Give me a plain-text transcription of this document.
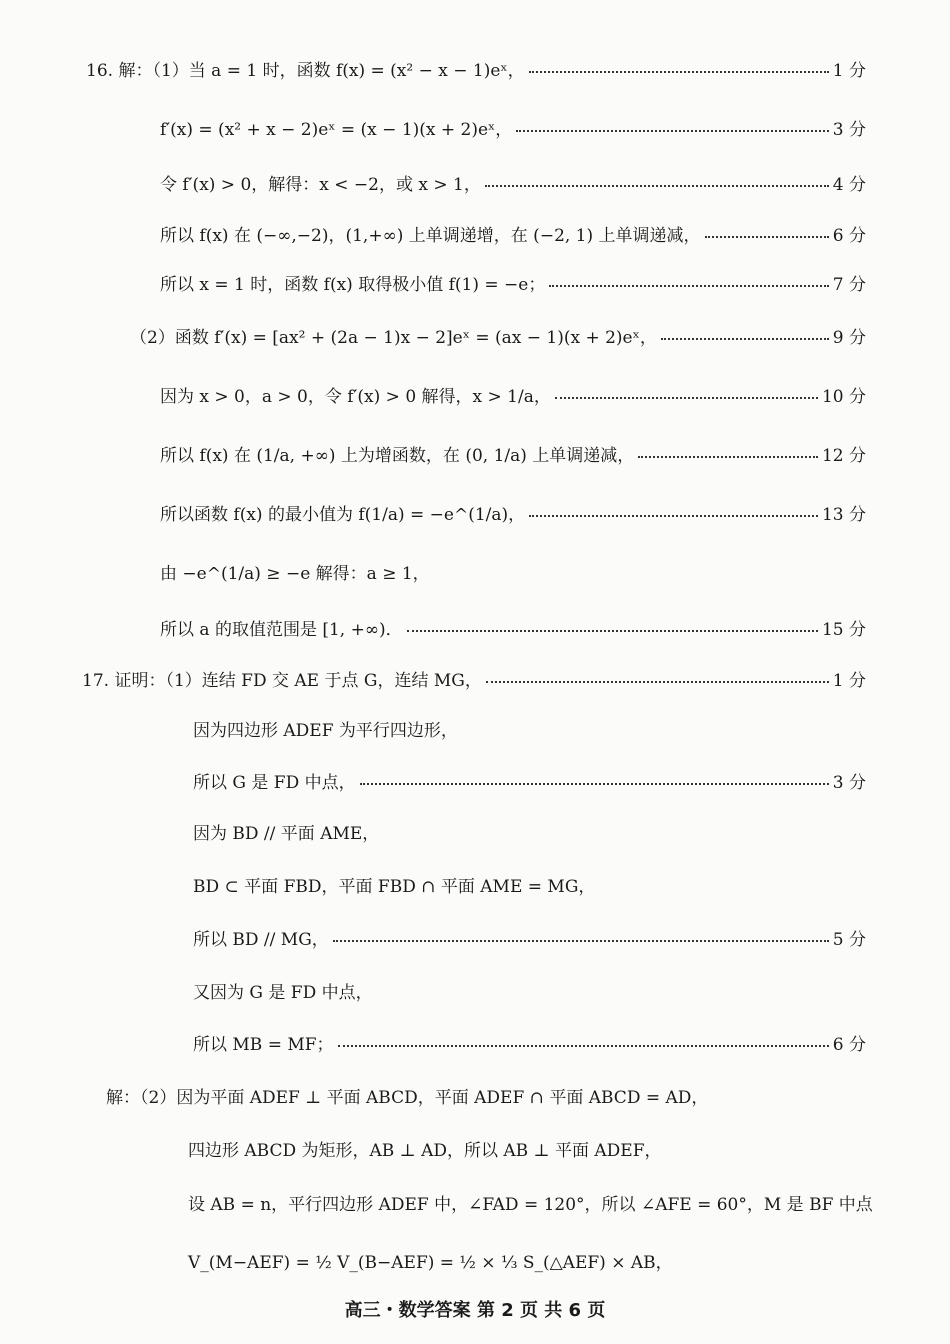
16. 解：（1）当 a = 1 时，函数 f(x) = (x² − x − 1)eˣ，	1 分
f′(x) = (x² + x − 2)eˣ = (x − 1)(x + 2)eˣ，	3 分
令 f′(x) > 0，解得：x < −2，或 x > 1，	4 分
所以 f(x) 在 (−∞,−2)，(1,+∞) 上单调递增，在 (−2, 1) 上单调递减，	6 分
所以 x = 1 时，函数 f(x) 取得极小值 f(1) = −e；	7 分
（2）函数 f′(x) = [ax² + (2a − 1)x − 2]eˣ = (ax − 1)(x + 2)eˣ，	9 分
因为 x > 0，a > 0，令 f′(x) > 0 解得，x > 1/a，	10 分
所以 f(x) 在 (1/a, +∞) 上为增函数，在 (0, 1/a) 上单调递减，	12 分
所以函数 f(x) 的最小值为 f(1/a) = −e^(1/a)，	13 分
由 −e^(1/a) ≥ −e 解得：a ≥ 1，
所以 a 的取值范围是 [1, +∞)．	15 分
17. 证明：（1）连结 FD 交 AE 于点 G，连结 MG，	1 分
因为四边形 ADEF 为平行四边形，
所以 G 是 FD 中点，	3 分
因为 BD // 平面 AME，
BD ⊂ 平面 FBD，平面 FBD ∩ 平面 AME = MG，
所以 BD // MG，	5 分
又因为 G 是 FD 中点，
所以 MB = MF；	6 分
解：（2）因为平面 ADEF ⊥ 平面 ABCD，平面 ADEF ∩ 平面 ABCD = AD，
四边形 ABCD 为矩形，AB ⊥ AD，所以 AB ⊥ 平面 ADEF，
设 AB = n，平行四边形 ADEF 中，∠FAD = 120°，所以 ∠AFE = 60°，M 是 BF 中点
V_(M−AEF) = ½ V_(B−AEF) = ½ × ⅓ S_(△AEF) × AB，
高三・数学答案 第 2 页 共 6 页
